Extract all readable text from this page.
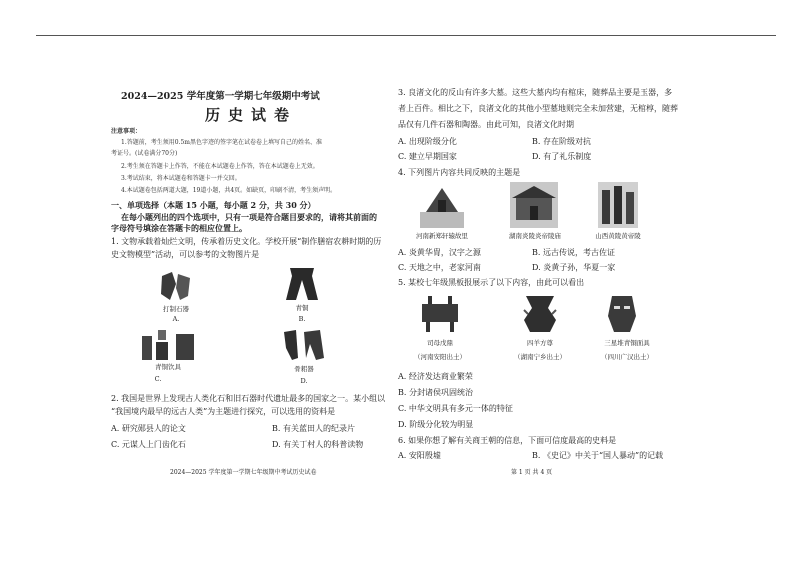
2024—2025 学年度第一学期七年级期中考试
历史试卷
注意事项：
1.答题前，考生须用0.5m黑色字迹的签字笔在试卷卷上填写自己的姓名、准
考证号。(试卷满分70分)
2.考生须在答题卡上作答，不能在本试题卷上作答，答在本试题卷上无效。
3.考试结束，将本试题卷和答题卡一并交回。
4.本试题卷包括两道大题，19道小题，共4页。如缺页，印刷不清，考生须声明。
一、单项选择（本题 15 小题，每小题 2 分，共 30 分）
在每小题列出的四个选项中，只有一项是符合题目要求的，请将其前面的
字母符号填涂在答题卡的相应位置上。
1. 文物承载着灿烂文明，传承着历史文化。学校开展“制作膳宿农耕时期的历
史文物模型”活动，可以参考的文物图片是
打制石器
A.
青铜
B.
青铜饮具
C.
骨耜器
D.
2. 我国是世界上发现古人类化石和旧石器时代遗址最多的国家之一。某小组以
“我国境内最早的远古人类”为主题进行探究，可以选用的资料是
A. 研究郧县人的论文	B. 有关蓝田人的纪录片
C. 元谋人上门齿化石	D. 有关丁村人的科普读物
2024—2025 学年度第一学期七年级期中考试历史试卷
3. 良渚文化的反山有许多大墓。这些大墓内均有棺床，随葬品主要是玉器，多
者上百件。相比之下，良渚文化的其他小型墓地则完全未加营建，无棺椁，随葬
品仅有几件石器和陶器。由此可知，良渚文化时期
A. 出现阶级分化	B. 存在阶级对抗
C. 建立早期国家	D. 有了礼乐制度
4. 下列图片内容共同反映的主题是
河南新郑轩辕故里	湖南炎陵炎帝陵庙	山西黄陵黄帝陵
A. 炎黄华胄，汉字之源	B. 远古传说，考古佐证
C. 天地之中，老家河南	D. 炎黄子孙，华夏一家
5. 某校七年级黑板报展示了以下内容，由此可以看出
司母戊鼎
（河南安阳出土）
四羊方尊
（湖南宁乡出土）
三星堆青铜面具
（四川广汉出土）
A. 经济发达商业繁荣
B. 分封诸侯巩固统治
C. 中华文明具有多元一体的特征
D. 阶级分化较为明显
6. 如果你想了解有关商王朝的信息，下面可信度最高的史料是
A. 安阳殷墟	B. 《史记》中关于“国人暴动”的记载
第 1 页 共 4 页
